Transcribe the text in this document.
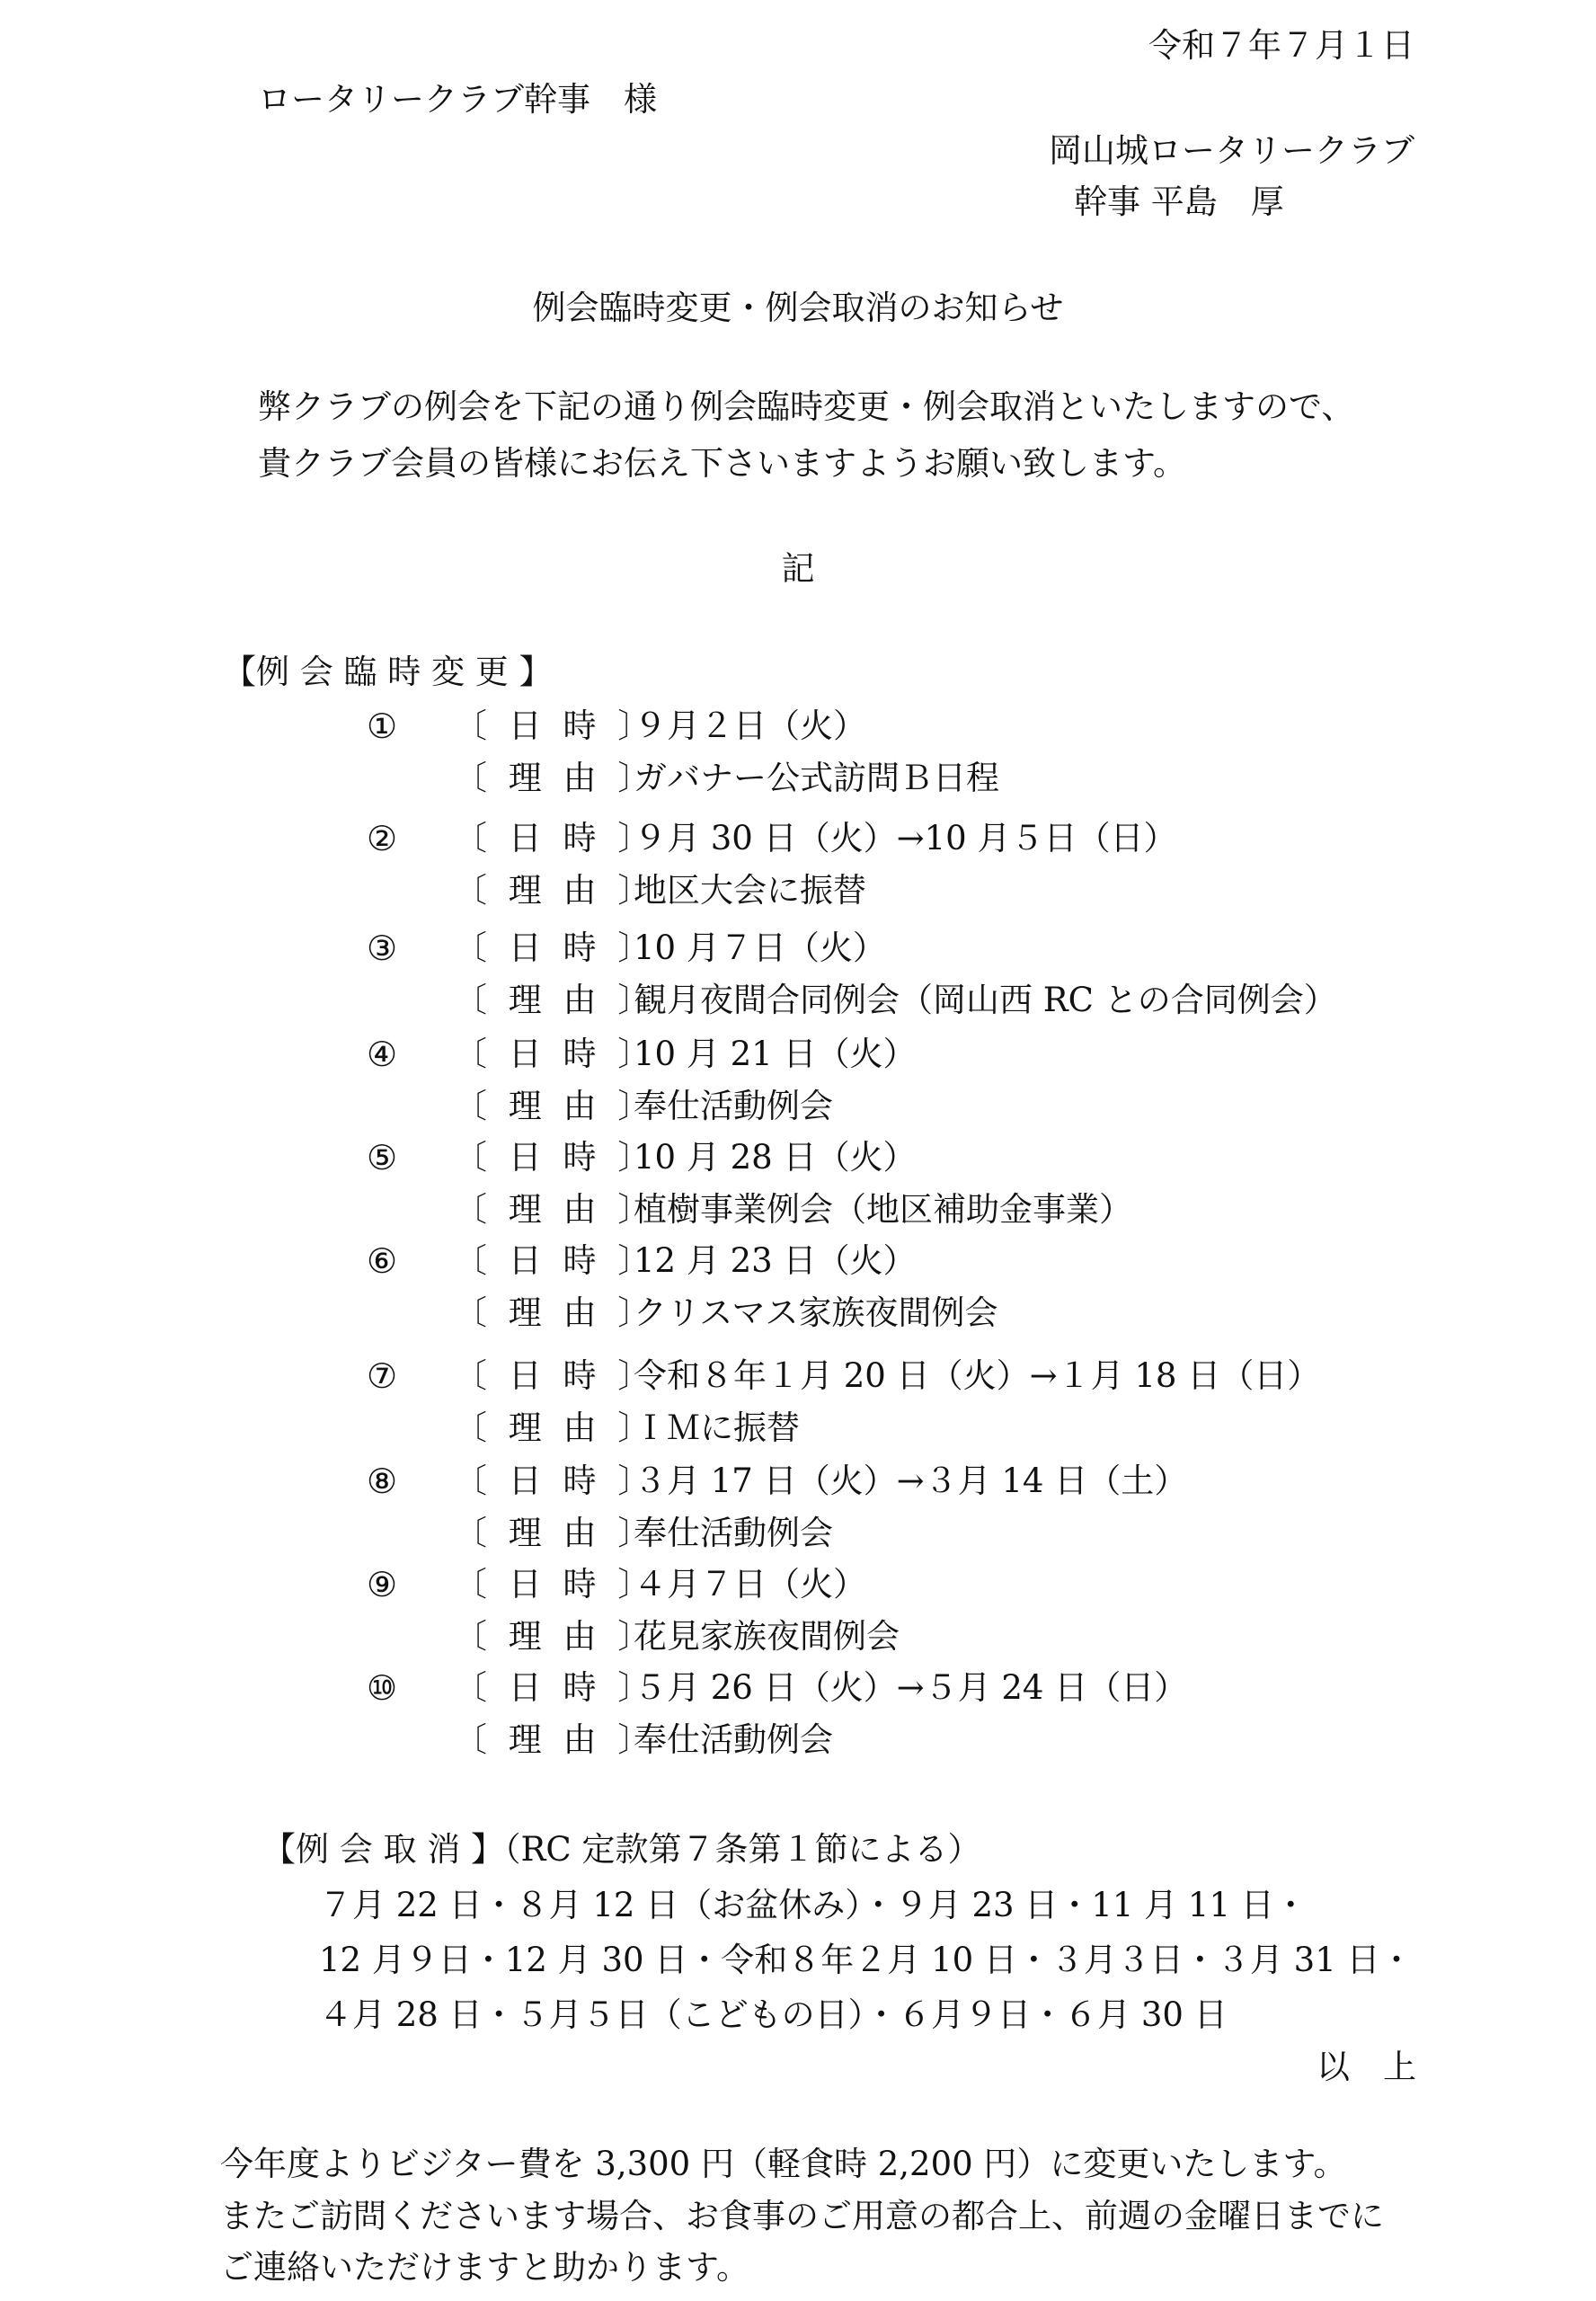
令和７年７月１日
ロータリークラブ幹事　様
岡山城ロータリークラブ
幹事 平島　厚
例会臨時変更・例会取消のお知らせ
弊クラブの例会を下記の通り例会臨時変更・例会取消といたしますので、
貴クラブ会員の皆様にお伝え下さいますようお願い致します。
記
【例 会 臨 時 変 更 】
① 〔 日 時 〕
９月２日（火）
〔 理 由 〕
ガバナー公式訪問Ｂ日程
② 〔 日 時 〕
９月 30 日（火）→10 月５日（日）
〔 理 由 〕
地区大会に振替
③ 〔 日 時 〕
10 月７日（火）
〔 理 由 〕
観月夜間合同例会（岡山西 RC との合同例会）
④ 〔 日 時 〕
10 月 21 日（火）
〔 理 由 〕
奉仕活動例会
⑤ 〔 日 時 〕
10 月 28 日（火）
〔 理 由 〕
植樹事業例会（地区補助金事業）
⑥ 〔 日 時 〕
12 月 23 日（火）
〔 理 由 〕
クリスマス家族夜間例会
⑦ 〔 日 時 〕
令和８年１月 20 日（火）→１月 18 日（日）
〔 理 由 〕
ＩＭに振替
⑧ 〔 日 時 〕
３月 17 日（火）→３月 14 日（土）
〔 理 由 〕
奉仕活動例会
⑨ 〔 日 時 〕
４月７日（火）
〔 理 由 〕
花見家族夜間例会
⑩ 〔 日 時 〕
５月 26 日（火）→５月 24 日（日）
〔 理 由 〕
奉仕活動例会
【例 会 取 消 】（RC 定款第７条第１節による）
７月 22 日・８月 12 日（お盆休み）・９月 23 日・11 月 11 日・
12 月９日・12 月 30 日・令和８年２月 10 日・３月３日・３月 31 日・
４月 28 日・５月５日（こどもの日）・６月９日・６月 30 日
以　上
今年度よりビジター費を 3,300 円（軽食時 2,200 円）に変更いたします。
またご訪問くださいます場合、お食事のご用意の都合上、前週の金曜日までに
ご連絡いただけますと助かります。
